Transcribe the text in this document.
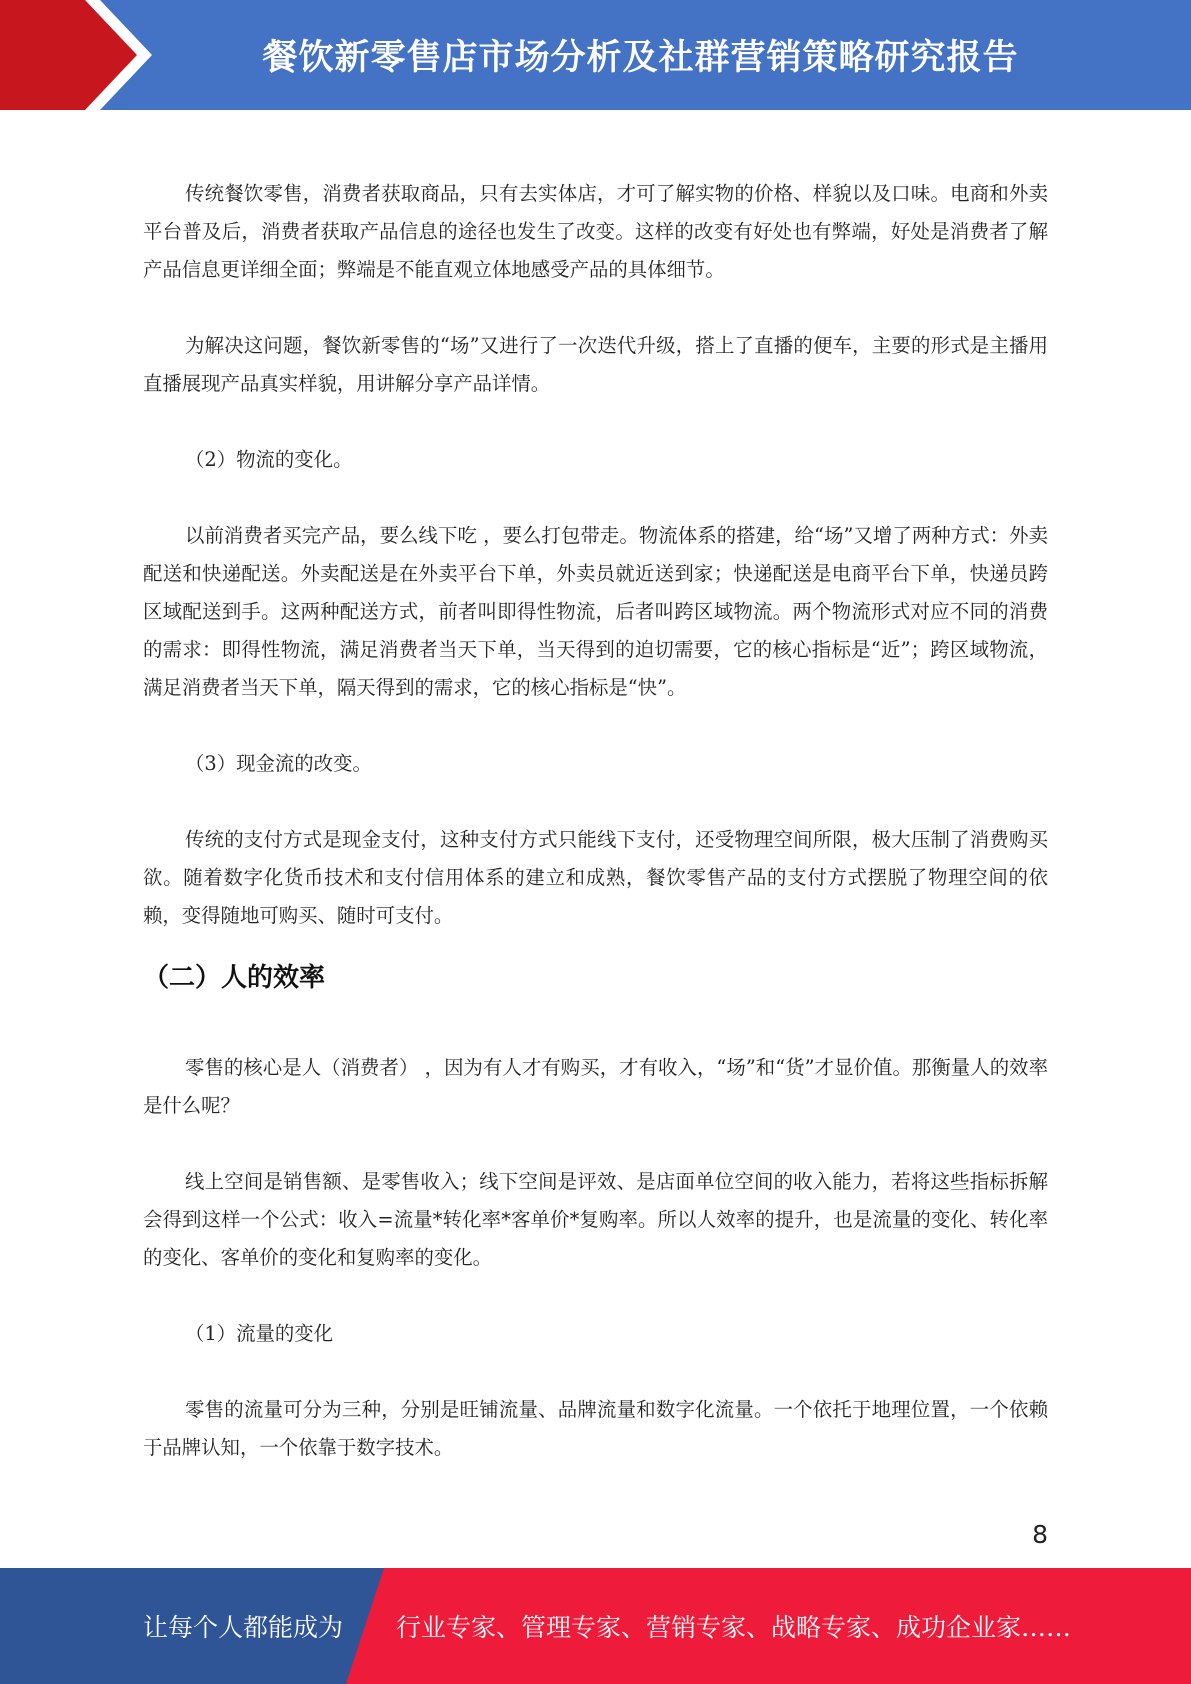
餐饮新零售店市场分析及社群营销策略研究报告

传统餐饮零售，消费者获取商品，只有去实体店，才可了解实物的价格、样貌以及口味。电商和外卖平台普及后，消费者获取产品信息的途径也发生了改变。这样的改变有好处也有弊端，好处是消费者了解产品信息更详细全面；弊端是不能直观立体地感受产品的具体细节。

为解决这问题，餐饮新零售的“场”又进行了一次迭代升级，搭上了直播的便车，主要的形式是主播用直播展现产品真实样貌，用讲解分享产品详情。

（2）物流的变化。

以前消费者买完产品，要么线下吃 ，要么打包带走。物流体系的搭建，给“场”又增了两种方式：外卖配送和快递配送。外卖配送是在外卖平台下单，外卖员就近送到家；快递配送是电商平台下单，快递员跨区域配送到手。这两种配送方式，前者叫即得性物流，后者叫跨区域物流。两个物流形式对应不同的消费的需求：即得性物流，满足消费者当天下单，当天得到的迫切需要，它的核心指标是“近”；跨区域物流，满足消费者当天下单，隔天得到的需求，它的核心指标是“快”。

（3）现金流的改变。

传统的支付方式是现金支付，这种支付方式只能线下支付，还受物理空间所限，极大压制了消费购买欲。随着数字化货币技术和支付信用体系的建立和成熟，餐饮零售产品的支付方式摆脱了物理空间的依赖，变得随地可购买、随时可支付。

（二）人的效率

零售的核心是人（消费者） ，因为有人才有购买，才有收入，“场”和“货”才显价值。那衡量人的效率是什么呢？

线上空间是销售额、是零售收入；线下空间是评效、是店面单位空间的收入能力，若将这些指标拆解会得到这样一个公式：收入=流量*转化率*客单价*复购率。所以人效率的提升，也是流量的变化、转化率的变化、客单价的变化和复购率的变化。

（1）流量的变化

零售的流量可分为三种，分别是旺铺流量、品牌流量和数字化流量。一个依托于地理位置，一个依赖于品牌认知，一个依靠于数字技术。

8
让每个人都能成为 行业专家、管理专家、营销专家、战略专家、成功企业家……
